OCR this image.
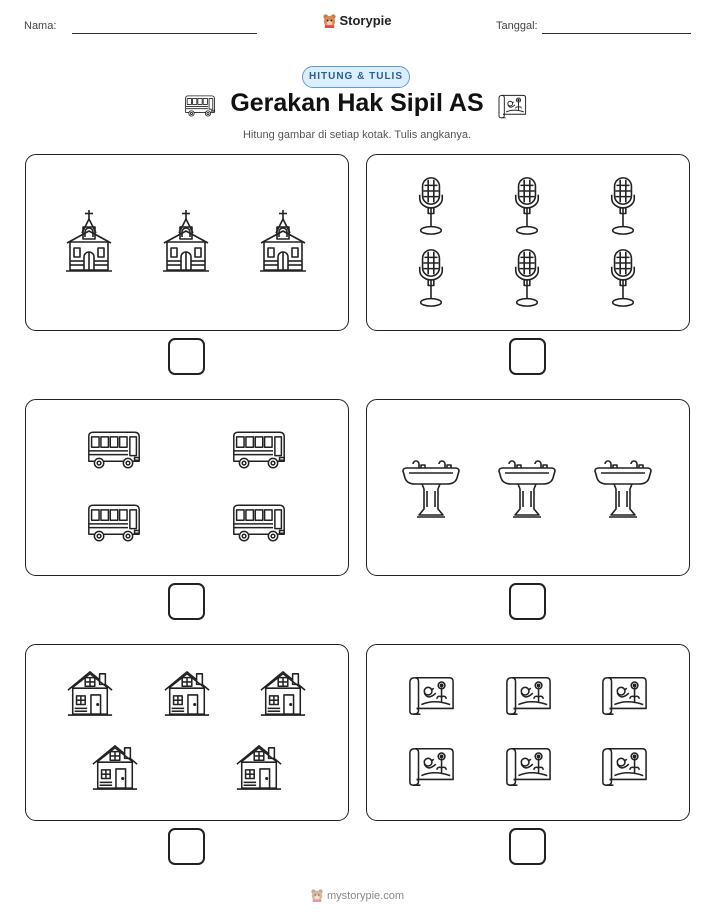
Nama:	Storypie	Tanggal:
HITUNG & TULIS
Gerakan Hak Sipil AS
Hitung gambar di setiap kotak. Tulis angkanya.
mystorypie.com
